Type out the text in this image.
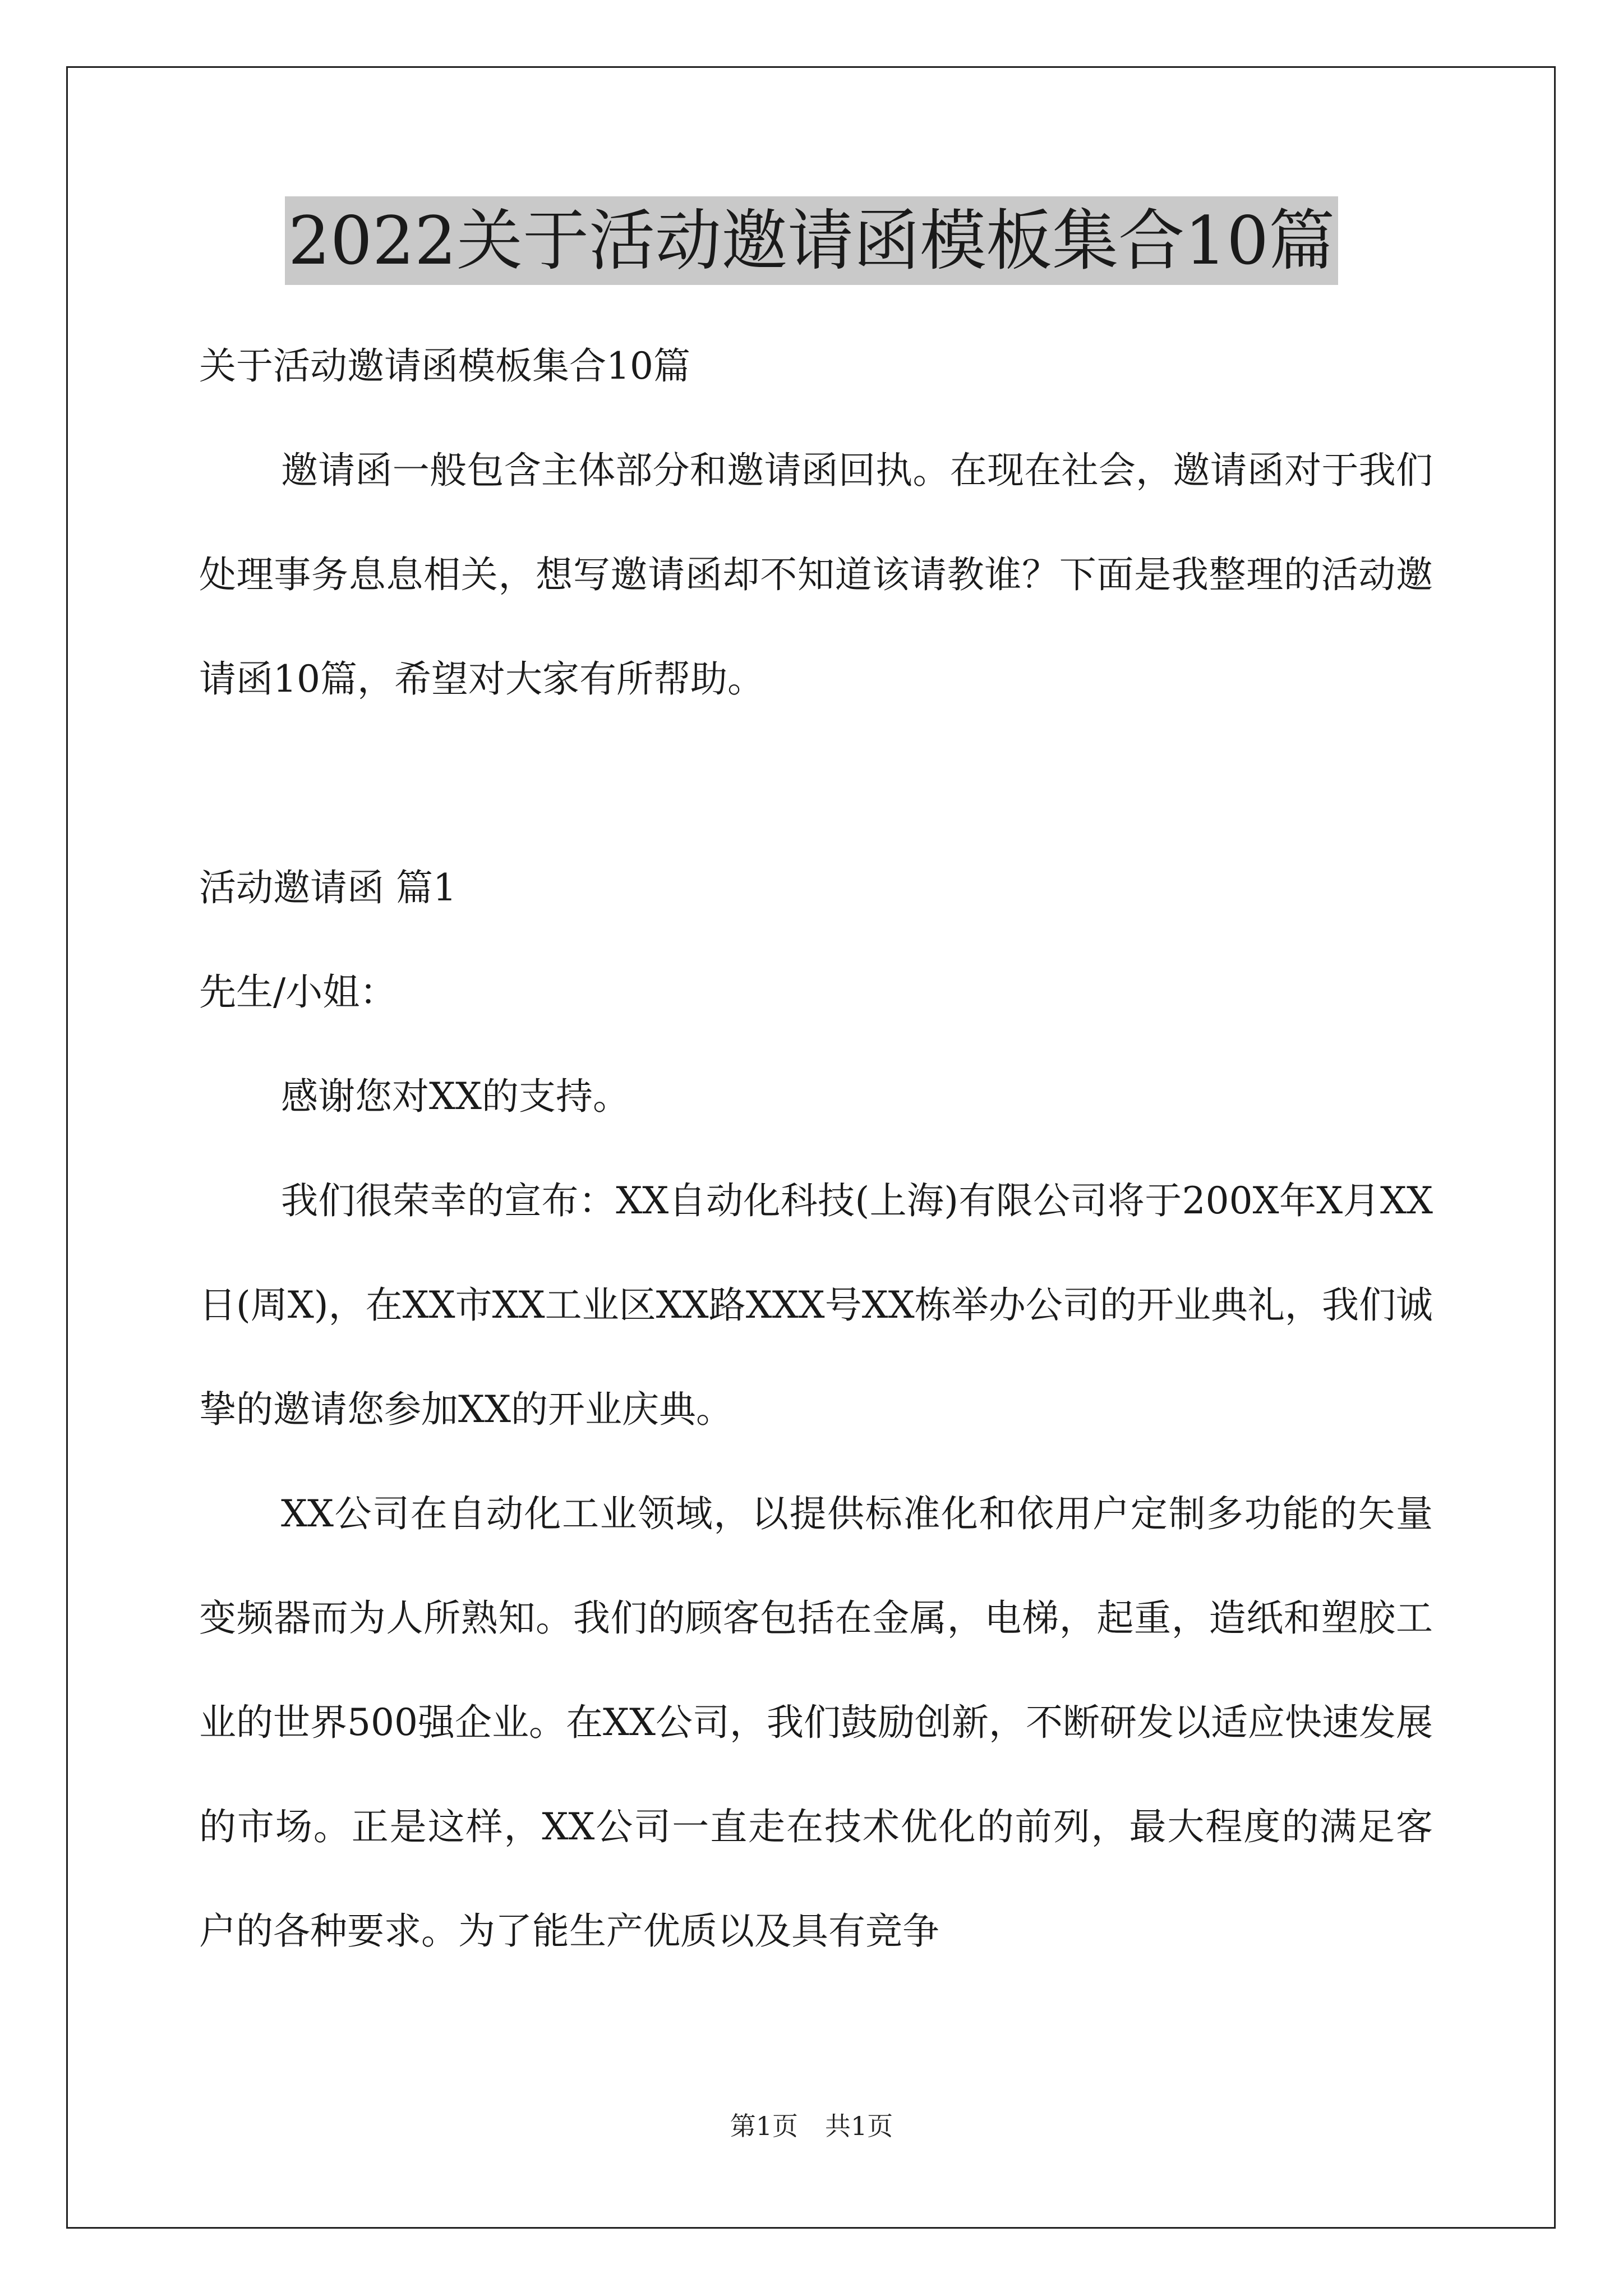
2022关于活动邀请函模板集合10篇

关于活动邀请函模板集合10篇

邀请函一般包含主体部分和邀请函回执。在现在社会，邀请函对于我们处理事务息息相关，想写邀请函却不知道该请教谁？下面是我整理的活动邀请函10篇，希望对大家有所帮助。

活动邀请函 篇1

先生/小姐：

感谢您对XX的支持。

我们很荣幸的宣布：XX自动化科技(上海)有限公司将于200X年X月XX日(周X)，在XX市XX工业区XX路XXX号XX栋举办公司的开业典礼，我们诚挚的邀请您参加XX的开业庆典。

XX公司在自动化工业领域，以提供标准化和依用户定制多功能的矢量变频器而为人所熟知。我们的顾客包括在金属，电梯，起重，造纸和塑胶工业的世界500强企业。在XX公司，我们鼓励创新，不断研发以适应快速发展的市场。正是这样，XX公司一直走在技术优化的前列，最大程度的满足客户的各种要求。为了能生产优质以及具有竞争

第1页 共1页
